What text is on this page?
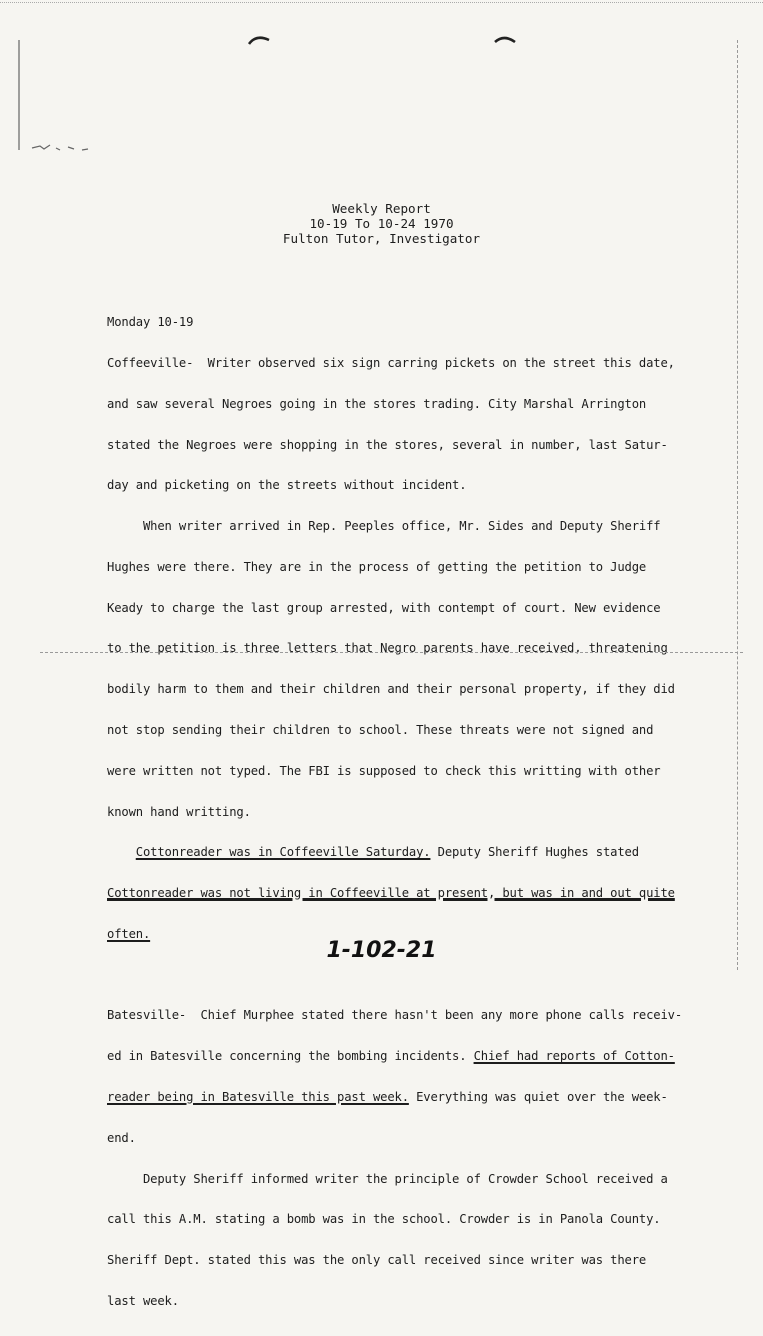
Weekly Report
10-19 To 10-24 1970
Fulton Tutor, Investigator

Monday 10-19

Coffeeville-  Writer observed six sign carring pickets on the street this date,

and saw several Negroes going in the stores trading. City Marshal Arrington

stated the Negroes were shopping in the stores, several in number, last Satur-

day and picketing on the streets without incident.

When writer arrived in Rep. Peeples office, Mr. Sides and Deputy Sheriff

Hughes were there. They are in the process of getting the petition to Judge

Keady to charge the last group arrested, with contempt of court. New evidence

to the petition is three letters that Negro parents have received, threatening

bodily harm to them and their children and their personal property, if they did

not stop sending their children to school. These threats were not signed and

were written not typed. The FBI is supposed to check this writting with other

known hand writting.

Cottonreader was in Coffeeville Saturday. Deputy Sheriff Hughes stated

Cottonreader was not living in Coffeeville at present, but was in and out quite

often.

Batesville-  Chief Murphee stated there hasn't been any more phone calls receiv-

ed in Batesville concerning the bombing incidents. Chief had reports of Cotton-

reader being in Batesville this past week. Everything was quiet over the week-

end.

Deputy Sheriff informed writer the principle of Crowder School received a

call this A.M. stating a bomb was in the school. Crowder is in Panola County.

Sheriff Dept. stated this was the only call received since writer was there

last week.

1-102-21
